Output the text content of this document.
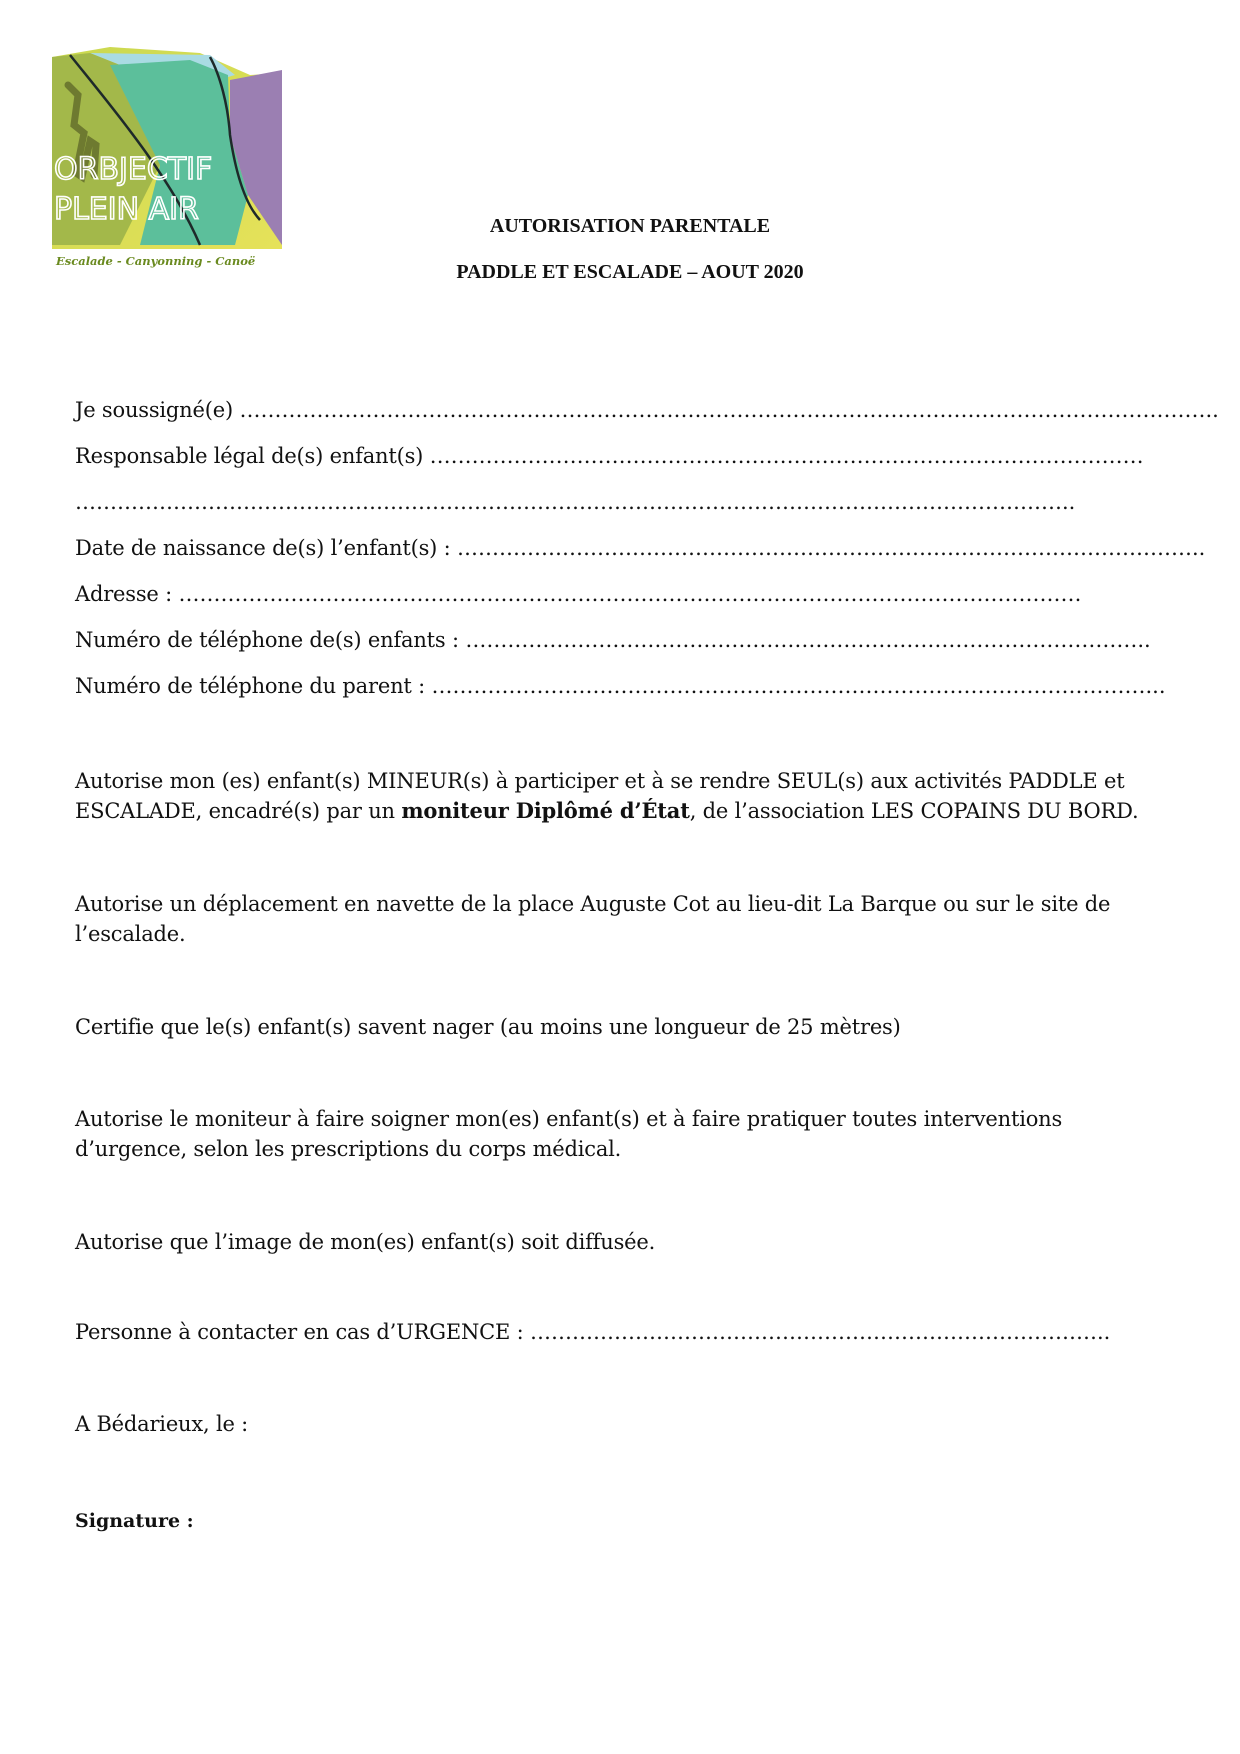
ORBJECTIF
PLEIN AIR
Escalade - Canyonning - Canoë
AUTORISATION PARENTALE
PADDLE ET ESCALADE – AOUT 2020
Je soussigné(e) …………………………………………………………………………………………………………………………..
Responsable légal de(s) enfant(s) …………………………………………………………………………………………
……………………………………………………………………………………………………………………………..
Date de naissance de(s) l’enfant(s) : ……………………………………………………………………………………………..
Adresse : …………………………………………………………………………………………………………………
Numéro de téléphone de(s) enfants : ……………………………………………………………………………………..
Numéro de téléphone du parent : …………………………………………………………………………………………...
Autorise mon (es) enfant(s) MINEUR(s) à participer et à se rendre SEUL(s) aux activités PADDLE et ESCALADE, encadré(s) par un moniteur Diplômé d’État, de l’association LES COPAINS DU BORD.
Autorise un déplacement en navette de la place Auguste Cot au lieu-dit La Barque ou sur le site de l’escalade.
Certifie que le(s) enfant(s) savent nager (au moins une longueur de 25 mètres)
Autorise le moniteur à faire soigner mon(es) enfant(s) et à faire pratiquer toutes interventions d’urgence, selon les prescriptions du corps médical.
Autorise que l’image de mon(es) enfant(s) soit diffusée.
Personne à contacter en cas d’URGENCE : ………………………………………………………………………..
A Bédarieux, le :
Signature :
